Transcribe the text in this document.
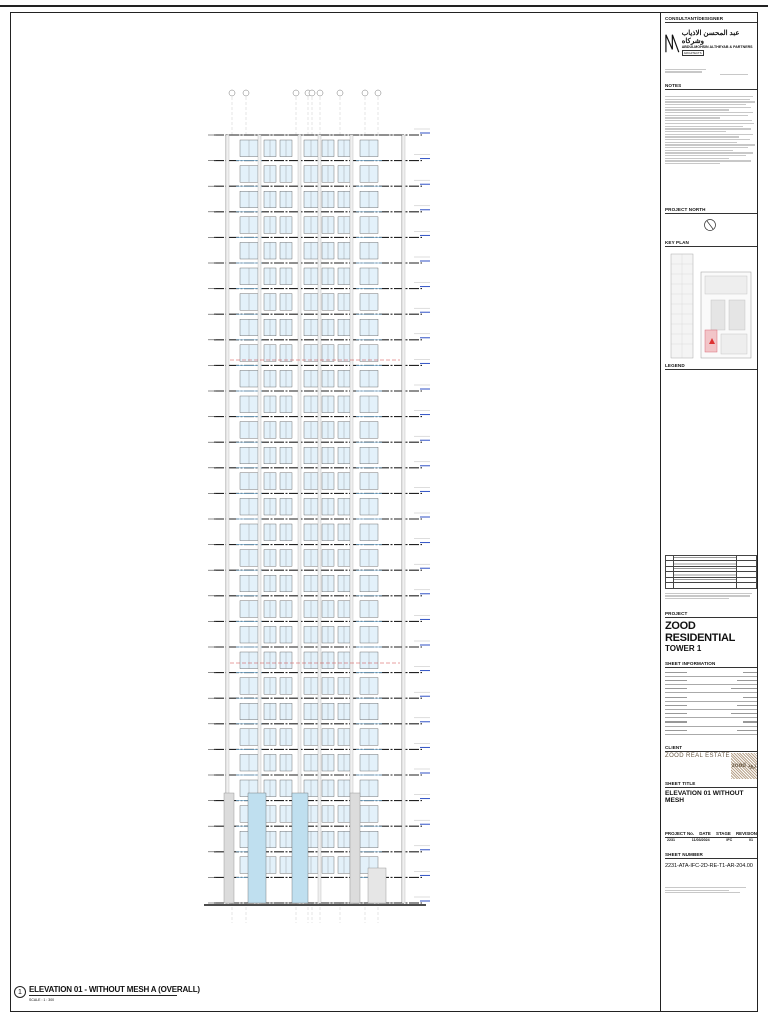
1 ELEVATION 01 - WITHOUT MESH A (OVERALL)
SCALE : 1 : 300
CONSULTANT/DESIGNER
عبد المحسن الاذياب وشركاه
ABDULMOHSIN ALTHEYAB & PARTNERS
ARCHITECTS
NOTES
PROJECT NORTH
KEY PLAN
LEGEND

PROJECT
ZOOD RESIDENTIAL
TOWER 1
SHEET INFORMATION
CLIENT
ZOOD REAL ESTATE
zood زود
SHEET TITLE
ELEVATION 01 WITHOUT MESH
PROJECT No. DATE STAGE REVISION
2231	11/03/2024	IFC	01
SHEET NUMBER
2231-ATA-IFC-2D-RE-T1-AR-204.00
